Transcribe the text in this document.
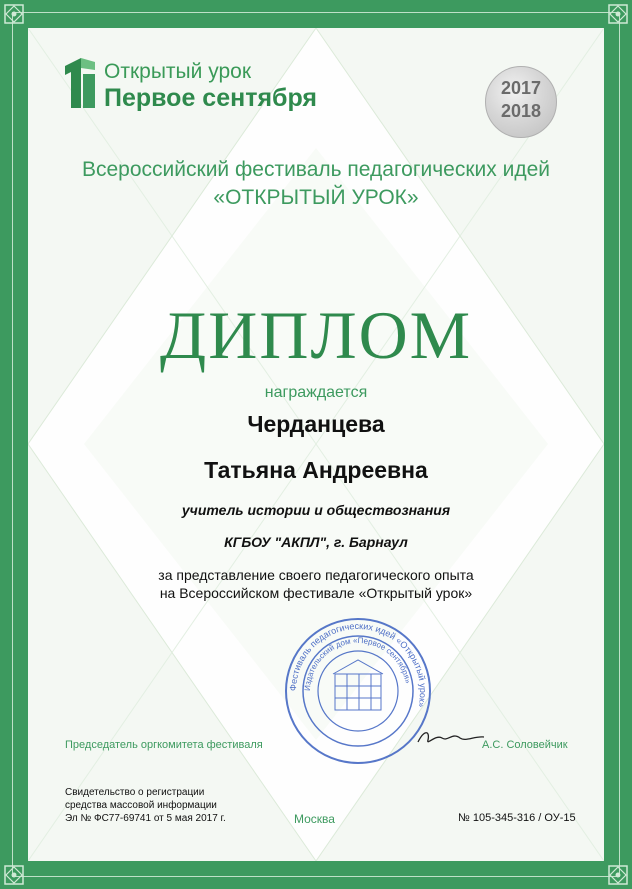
Открытый урок
Первое сентября	2017
2018
Всероссийский фестиваль педагогических идей
«ОТКРЫТЫЙ УРОК»
ДИПЛОМ
награждается
Черданцева
Татьяна Андреевна
учитель истории и обществознания
КГБОУ "АКПЛ", г. Барнаул
за представление своего педагогического опыта
на Всероссийском фестивале «Открытый урок»
Фестиваль педагогических идей «Открытый урок»
Издательский дом «Первое сентября»
Председатель оргкомитета фестиваля	А.С. Соловейчик
Свидетельство о регистрации
средства массовой информации
Эл № ФС77-69741 от 5 мая 2017 г.	Москва	№ 105-345-316 / ОУ-15
